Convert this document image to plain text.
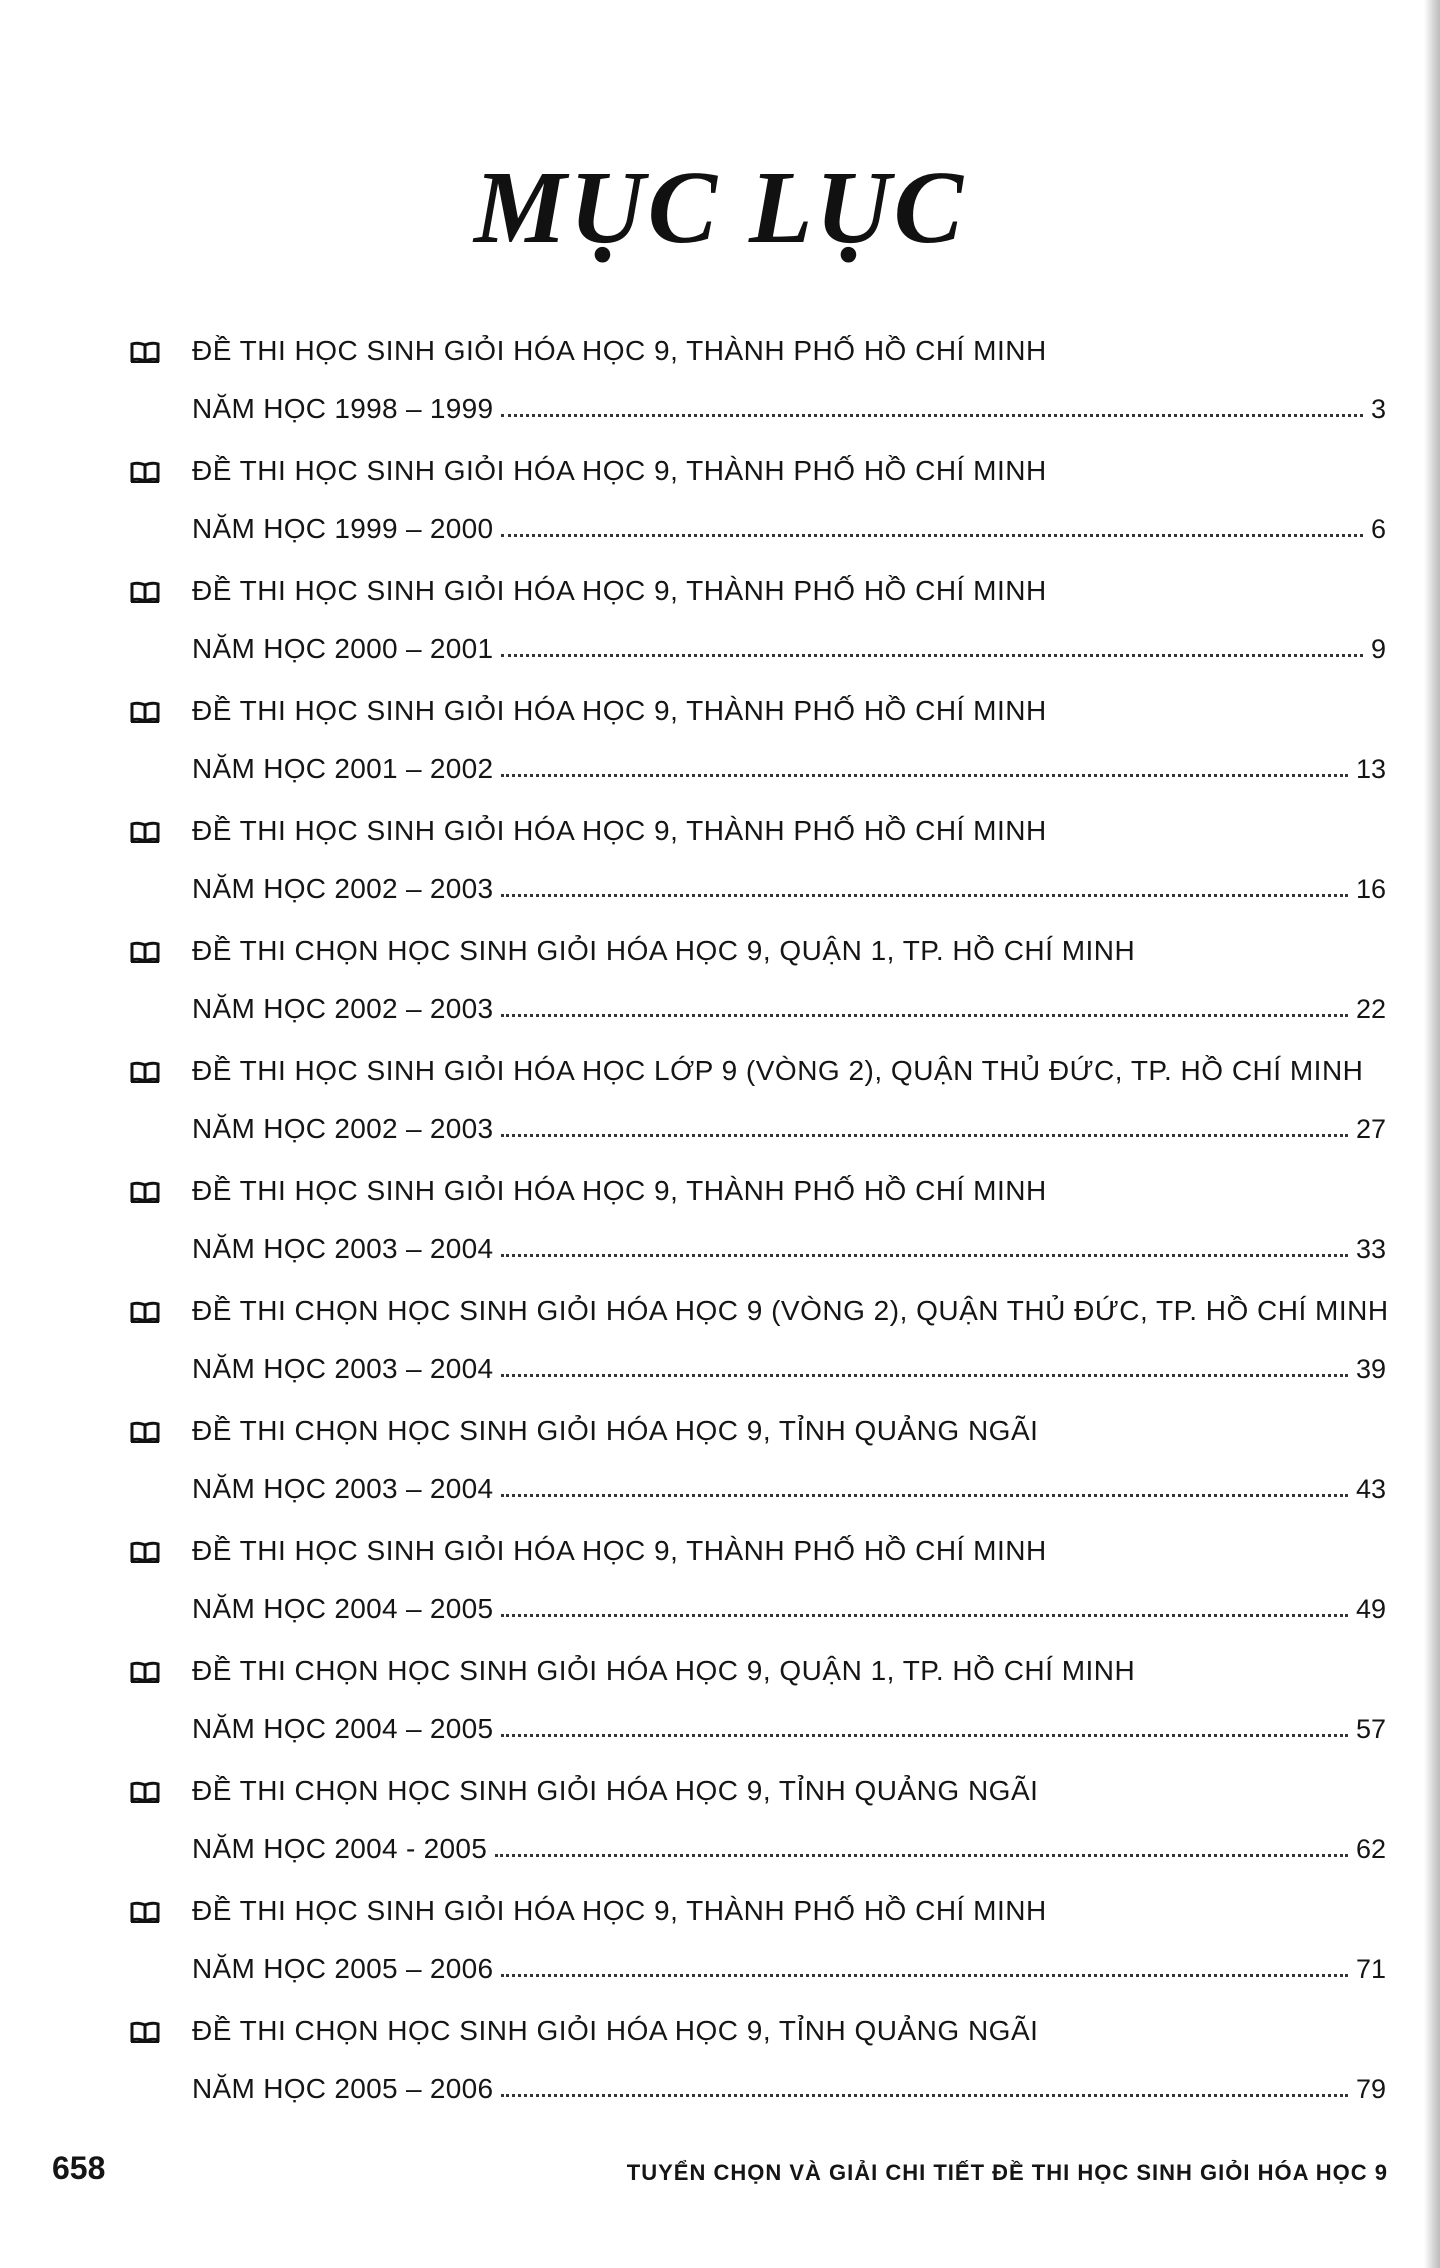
MỤC LỤC
ĐỀ THI HỌC SINH GIỎI HÓA HỌC 9, THÀNH PHỐ HỒ CHÍ MINH
NĂM HỌC 1998 – 1999	3
ĐỀ THI HỌC SINH GIỎI HÓA HỌC 9, THÀNH PHỐ HỒ CHÍ MINH
NĂM HỌC 1999 – 2000	6
ĐỀ THI HỌC SINH GIỎI HÓA HỌC 9, THÀNH PHỐ HỒ CHÍ MINH
NĂM HỌC 2000 – 2001	9
ĐỀ THI HỌC SINH GIỎI HÓA HỌC 9, THÀNH PHỐ HỒ CHÍ MINH
NĂM HỌC 2001 – 2002	13
ĐỀ THI HỌC SINH GIỎI HÓA HỌC 9, THÀNH PHỐ HỒ CHÍ MINH
NĂM HỌC 2002 – 2003	16
ĐỀ THI CHỌN HỌC SINH GIỎI HÓA HỌC 9, QUẬN 1, TP. HỒ CHÍ MINH
NĂM HỌC 2002 – 2003	22
ĐỀ THI HỌC SINH GIỎI HÓA HỌC LỚP 9 (VÒNG 2), QUẬN THỦ ĐỨC, TP. HỒ CHÍ MINH
NĂM HỌC 2002 – 2003	27
ĐỀ THI HỌC SINH GIỎI HÓA HỌC 9, THÀNH PHỐ HỒ CHÍ MINH
NĂM HỌC 2003 – 2004	33
ĐỀ THI CHỌN HỌC SINH GIỎI HÓA HỌC 9 (VÒNG 2), QUẬN THỦ ĐỨC, TP. HỒ CHÍ MINH
NĂM HỌC 2003 – 2004	39
ĐỀ THI CHỌN HỌC SINH GIỎI HÓA HỌC 9, TỈNH QUẢNG NGÃI
NĂM HỌC 2003 – 2004	43
ĐỀ THI HỌC SINH GIỎI HÓA HỌC 9, THÀNH PHỐ HỒ CHÍ MINH
NĂM HỌC 2004 – 2005	49
ĐỀ THI CHỌN HỌC SINH GIỎI HÓA HỌC 9, QUẬN 1, TP. HỒ CHÍ MINH
NĂM HỌC 2004 – 2005	57
ĐỀ THI CHỌN HỌC SINH GIỎI HÓA HỌC 9, TỈNH QUẢNG NGÃI
NĂM HỌC 2004 - 2005	62
ĐỀ THI HỌC SINH GIỎI HÓA HỌC 9, THÀNH PHỐ HỒ CHÍ MINH
NĂM HỌC 2005 – 2006	71
ĐỀ THI CHỌN HỌC SINH GIỎI HÓA HỌC 9, TỈNH QUẢNG NGÃI
NĂM HỌC 2005 – 2006	79
658	TUYỂN CHỌN VÀ GIẢI CHI TIẾT ĐỀ THI HỌC SINH GIỎI HÓA HỌC 9
